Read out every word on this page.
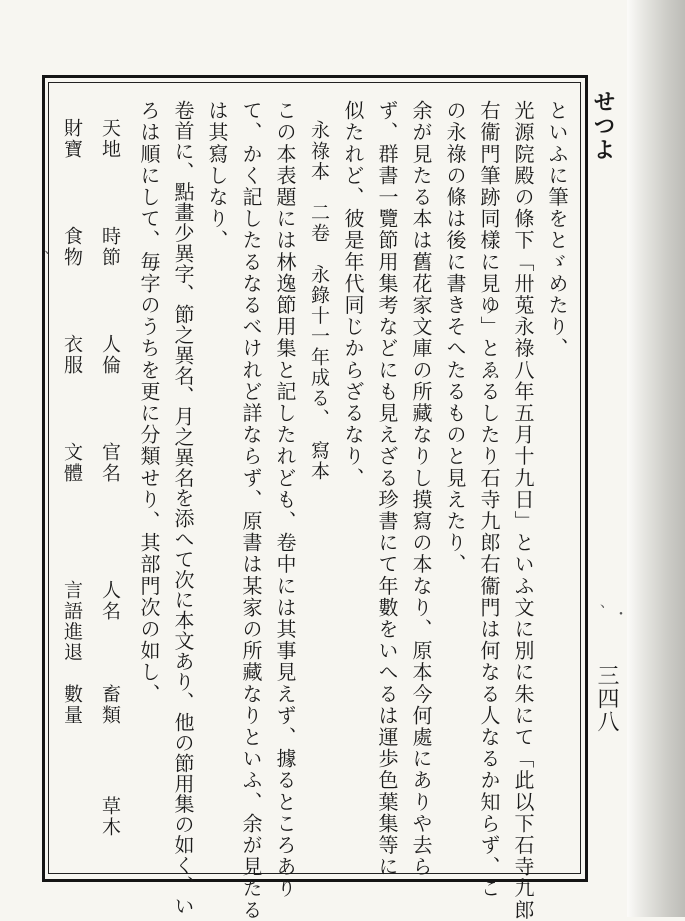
せつよ
三四八
といふに筆をとゞめたり、
光源院殿の條下「卅莵永祿八年五月十九日」といふ文に別に朱にて「此以下石寺九郎
右衞門筆跡同樣に見ゆ」とゑるしたり石寺九郎右衞門は何なる人なるか知らず、こ
の永祿の條は後に書きそへたるものと見えたり、
余が見たる本は舊花家文庫の所藏なりし摸寫の本なり、原本今何處にありや去ら
ず、群書一覽節用集考などにも見えざる珍書にて年數をいへるは運歩色葉集等に
似たれど、彼是年代同じからざるなり、
永祿本　二卷　永錄十一年成る、　寫本
この本表題には林逸節用集と記したれども、卷中には其事見えず、據るところあり
て、かく記したるなるべけれど詳ならず、原書は某家の所藏なりといふ、余が見たる
は其寫しなり、
卷首に、點畫少異字、節之異名、月之異名を添へて次に本文あり、他の節用集の如く、い
ろは順にして、毎字のうちを更に分類せり、其部門次の如し、
天地
時節
人倫
官名
人名
畜類
草木
財寶
食物
衣服
文體
言語進退
數量
、
、
・
